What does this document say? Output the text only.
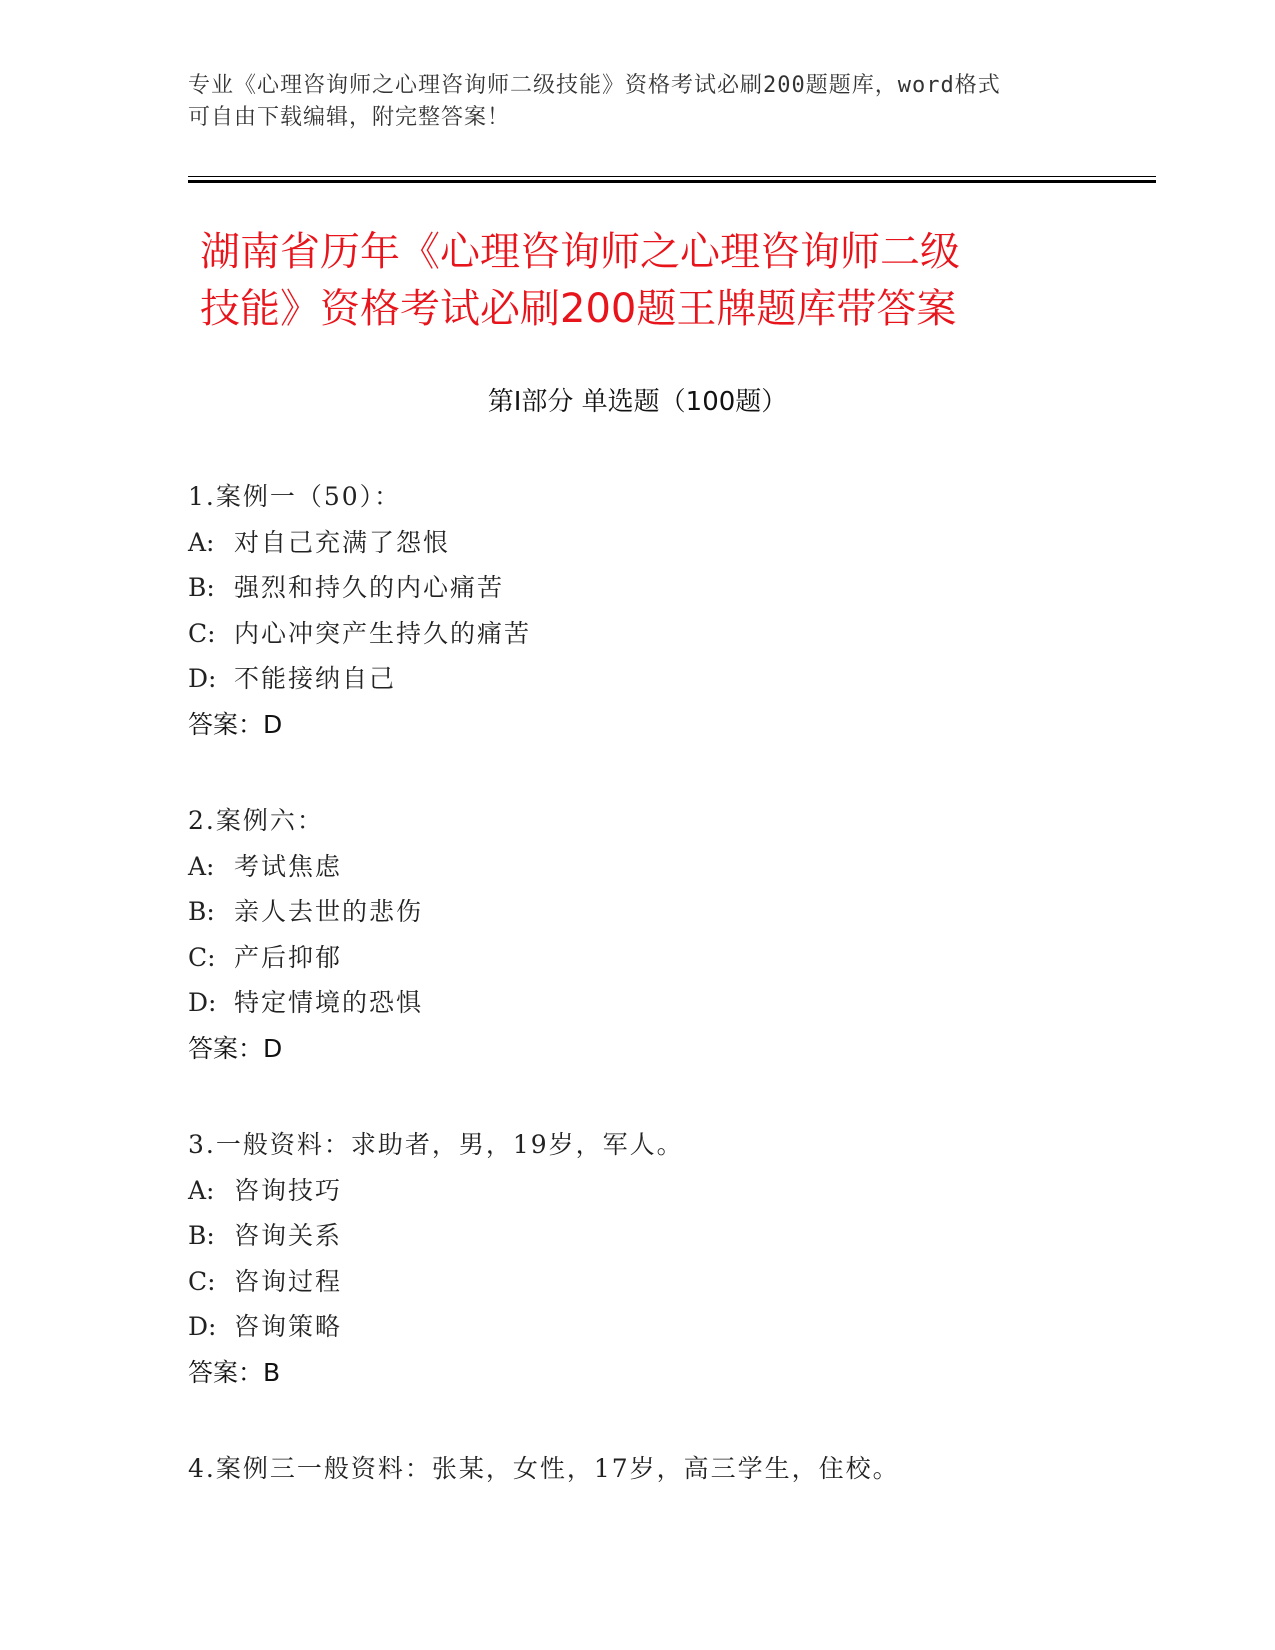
专业《心理咨询师之心理咨询师二级技能》资格考试必刷200题题库，word格式
可自由下载编辑，附完整答案！
湖南省历年《心理咨询师之心理咨询师二级
技能》资格考试必刷200题王牌题库带答案
第Ⅰ部分 单选题（100题）
1.案例一（50）：
A: 对自己充满了怨恨
B: 强烈和持久的内心痛苦
C: 内心冲突产生持久的痛苦
D: 不能接纳自己
答案：D
2.案例六：
A: 考试焦虑
B: 亲人去世的悲伤
C: 产后抑郁
D: 特定情境的恐惧
答案：D
3.一般资料：求助者，男，19岁，军人。
A: 咨询技巧
B: 咨询关系
C: 咨询过程
D: 咨询策略
答案：B
4.案例三一般资料：张某，女性，17岁，高三学生，住校。
